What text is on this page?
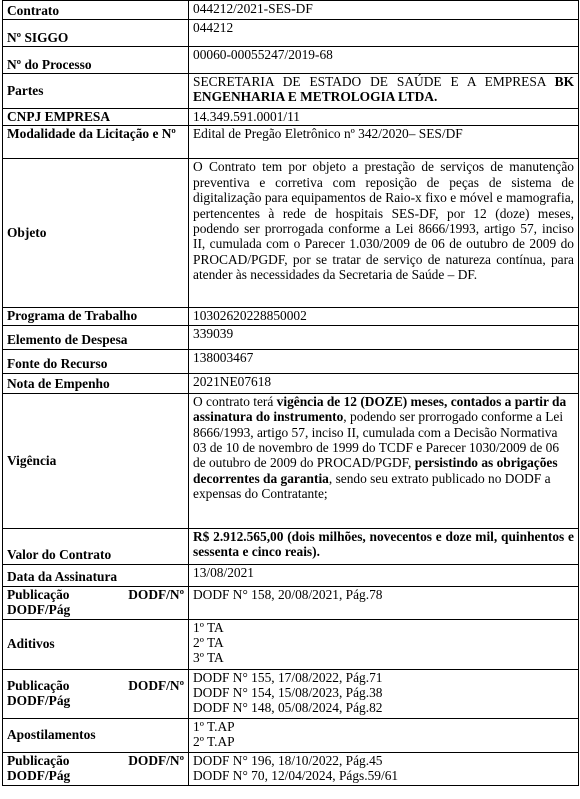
Contrato	044212/2021-SES-DF
Nº SIGGO	044212
Nº do Processo	00060-00055247/2019-68
Partes	SECRETARIA DE ESTADO DE SAÚDE E A EMPRESA BK ENGENHARIA E METROLOGIA LTDA.
CNPJ EMPRESA	14.349.591.0001/11
Modalidade da Licitação e Nº	Edital de Pregão Eletrônico nº 342/2020– SES/DF
Objeto	O Contrato tem por objeto a prestação de serviços de manutenção preventiva e corretiva com reposição de peças de sistema de digitalização para equipamentos de Raio-x fixo e móvel e mamografia, pertencentes à rede de hospitais SES-DF, por 12 (doze) meses, podendo ser prorrogada conforme a Lei 8666/1993, artigo 57, inciso II, cumulada com o Parecer 1.030/2009 de 06 de outubro de 2009 do PROCAD/PGDF, por se tratar de serviço de natureza contínua, para atender às necessidades da Secretaria de Saúde – DF.
Programa de Trabalho	10302620228850002
Elemento de Despesa	339039
Fonte do Recurso	138003467
Nota de Empenho	2021NE07618
Vigência	O contrato terá vigência de 12 (DOZE) meses, contados a partir da assinatura do instrumento, podendo ser prorrogado conforme a Lei 8666/1993, artigo 57, inciso II, cumulada com a Decisão Normativa 03 de 10 de novembro de 1999 do TCDF e Parecer 1030/2009 de 06 de outubro de 2009 do PROCAD/PGDF, persistindo as obrigações decorrentes da garantia, sendo seu extrato publicado no DODF a expensas do Contratante;
Valor do Contrato	R$ 2.912.565,00 (dois milhões, novecentos e doze mil, quinhentos e sessenta e cinco reais).
Data da Assinatura	13/08/2021

Publicação DODF/Nº
DODF/Pág	DODF N° 158, 20/08/2021, Pág.78
Aditivos	1º TA
2º TA
3º TA

Publicação DODF/Nº
DODF/Pág	DODF N° 155, 17/08/2022, Pág.71
DODF N° 154, 15/08/2023, Pág.38
DODF N° 148, 05/08/2024, Pág.82

Apostilamentos	1º T.AP
2º T.AP

Publicação DODF/Nº
DODF/Pág	DODF N° 196, 18/10/2022, Pág.45
DODF N° 70, 12/04/2024, Págs.59/61
